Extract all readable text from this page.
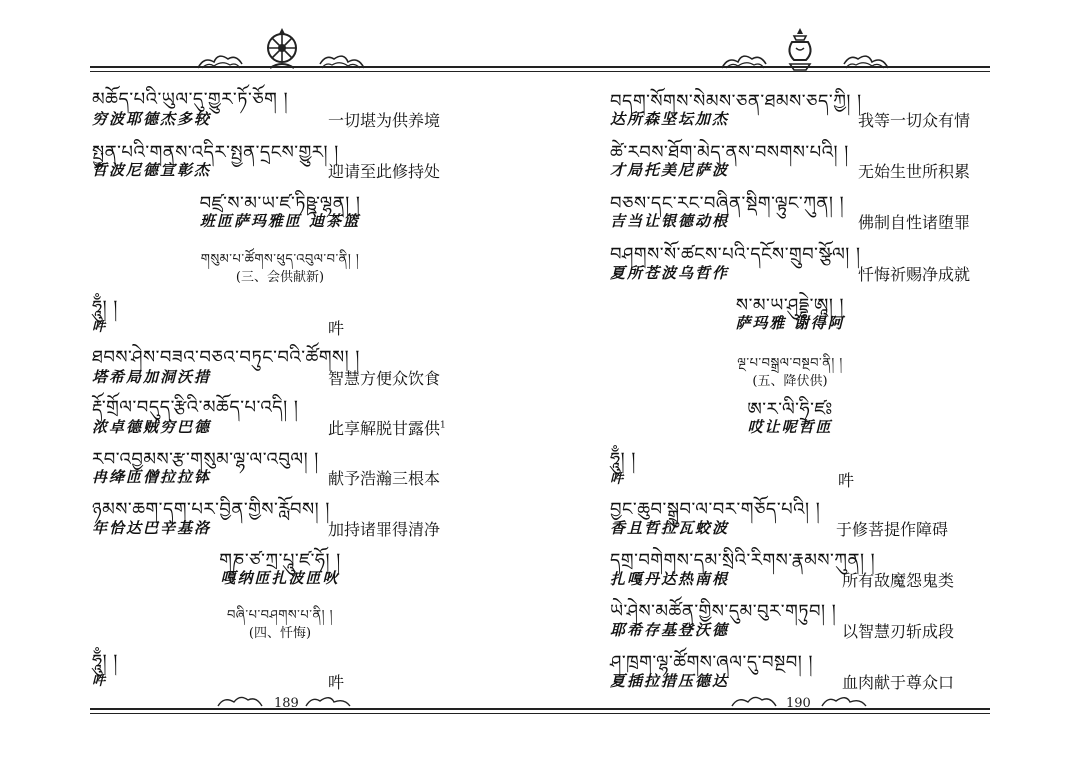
མཆོད་པའི་ཡུལ་དུ་གྱུར་ཏོ་ཅོག །
穷波耶德杰多较	一切堪为供养境
སྤྱན་པའི་གནས་འདིར་སྤྱན་དྲངས་གྱུར། །
哲波尼德宣彰杰	迎请至此修持处
བཛྲ་ས་མ་ཡ་ཛ་ཏིཥྛ་ལྷན། །
班匝萨玛雅匝 迪茶篮
གསུམ་པ་ཚོགས་ཕུད་འབུལ་བ་ནི། །
(三、会供献新)
ཧཱུྃ། །
吽	吽
ཐབས་ཤེས་བཟའ་བཅའ་བཏུང་བའི་ཚོགས། །
塔希局加洞沃措	智慧方便众饮食
རྡོ་གྲོལ་བདུད་རྩིའི་མཆོད་པ་འདི། །
浓卓德贼穷巴德	此享解脱甘露供$^1$
རབ་འབྱམས་རྩ་གསུམ་ལྷ་ལ་འབུལ། །
冉绛匝僧拉拉钵	献予浩瀚三根本
ཉམས་ཆག་དག་པར་བྱིན་གྱིས་རློབས། །
年恰达巴辛基洛	加持诸罪得清净
གཎ་ཙ་ཀྲ་པཱུ་ཛ་ཧོ། །
嘎纳匝扎波匝吙
བཞི་པ་བཤགས་པ་ནི། །
(四、忏悔)
ཧཱུྃ། །
吽	吽
189
བདག་སོགས་སེམས་ཅན་ཐམས་ཅད་ཀྱི། །
达所森坚坛加杰	我等一切众有情
ཚེ་རབས་ཐོག་མེད་ནས་བསགས་པའི། །
才局托美尼萨波	无始生世所积累
བཅས་དང་རང་བཞིན་སྡིག་ལྟུང་ཀུན། །
吉当让银德动根	佛制自性诸堕罪
བཤགས་སོ་ཚངས་པའི་དངོས་གྲུབ་སྩོལ། །
夏所苍波乌哲作	忏悔祈赐净成就
ས་མ་ཡ་ཤུདྡྷེ་ཨཱ། །
萨玛雅 谢得阿
ལྔ་པ་བསྒྲལ་བསྔབ་ནི། །
(五、降伏供)
ཨ་ར་ལི་ཧྲི་ཛཿ
哎让呢哲匝
ཧཱུྃ། །
吽	吽
བྱང་ཆུབ་སྒྲུབ་ལ་བར་གཅོད་པའི། །
香且哲拉瓦蛟波	于修菩提作障碍
དགྲ་བགེགས་དམ་སྲིའི་རིགས་རྣམས་ཀུན། །
扎嘎丹达热南根	所有敌魔怨鬼类
ཡེ་ཤེས་མཚོན་གྱིས་དུམ་བུར་གཏུབ། །
耶希存基登沃德	以智慧刃斩成段
ཤ་ཁྲག་ལྷ་ཚོགས་ཞལ་དུ་བསྔབ། །
夏插拉措压德达	血肉献于尊众口
190
